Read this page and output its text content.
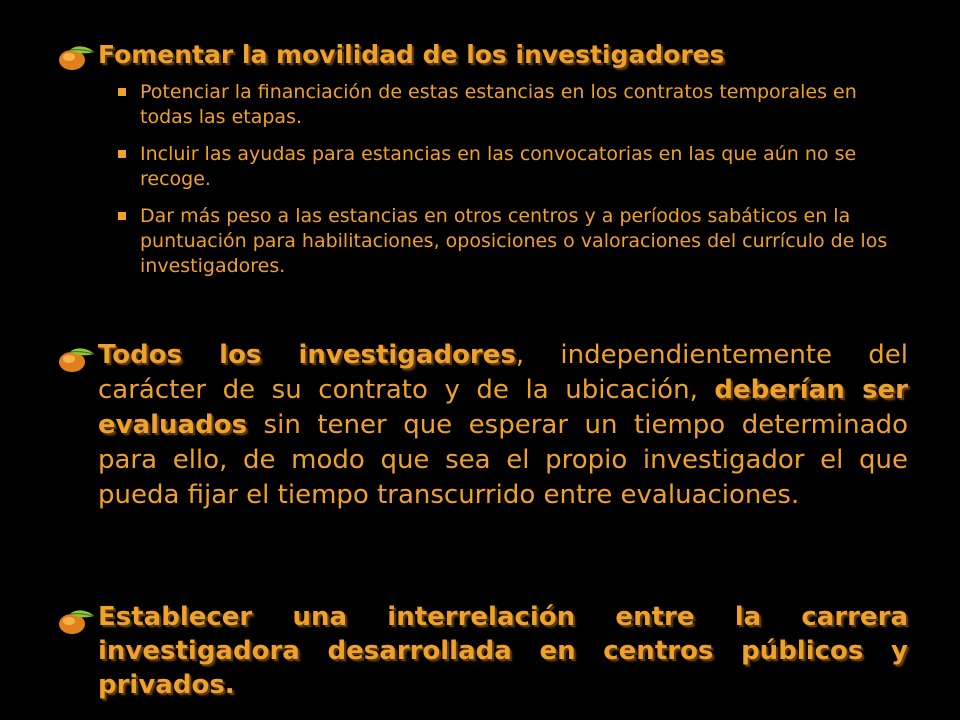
Fomentar la movilidad de los investigadores
Potenciar la financiación de estas estancias en los contratos temporales en todas las etapas.
Incluir las ayudas para estancias en las convocatorias en las que aún no se recoge.
Dar más peso a las estancias en otros centros y a períodos sabáticos en la puntuación para habilitaciones, oposiciones o valoraciones del currículo de los investigadores.
Todos los investigadores, independientemente del carácter de su contrato y de la ubicación, deberían ser evaluados sin tener que esperar un tiempo determinado para ello, de modo que sea el propio investigador el que pueda fijar el tiempo transcurrido entre evaluaciones.
Establecer una interrelación entre la carrera investigadora desarrollada en centros públicos y privados.
